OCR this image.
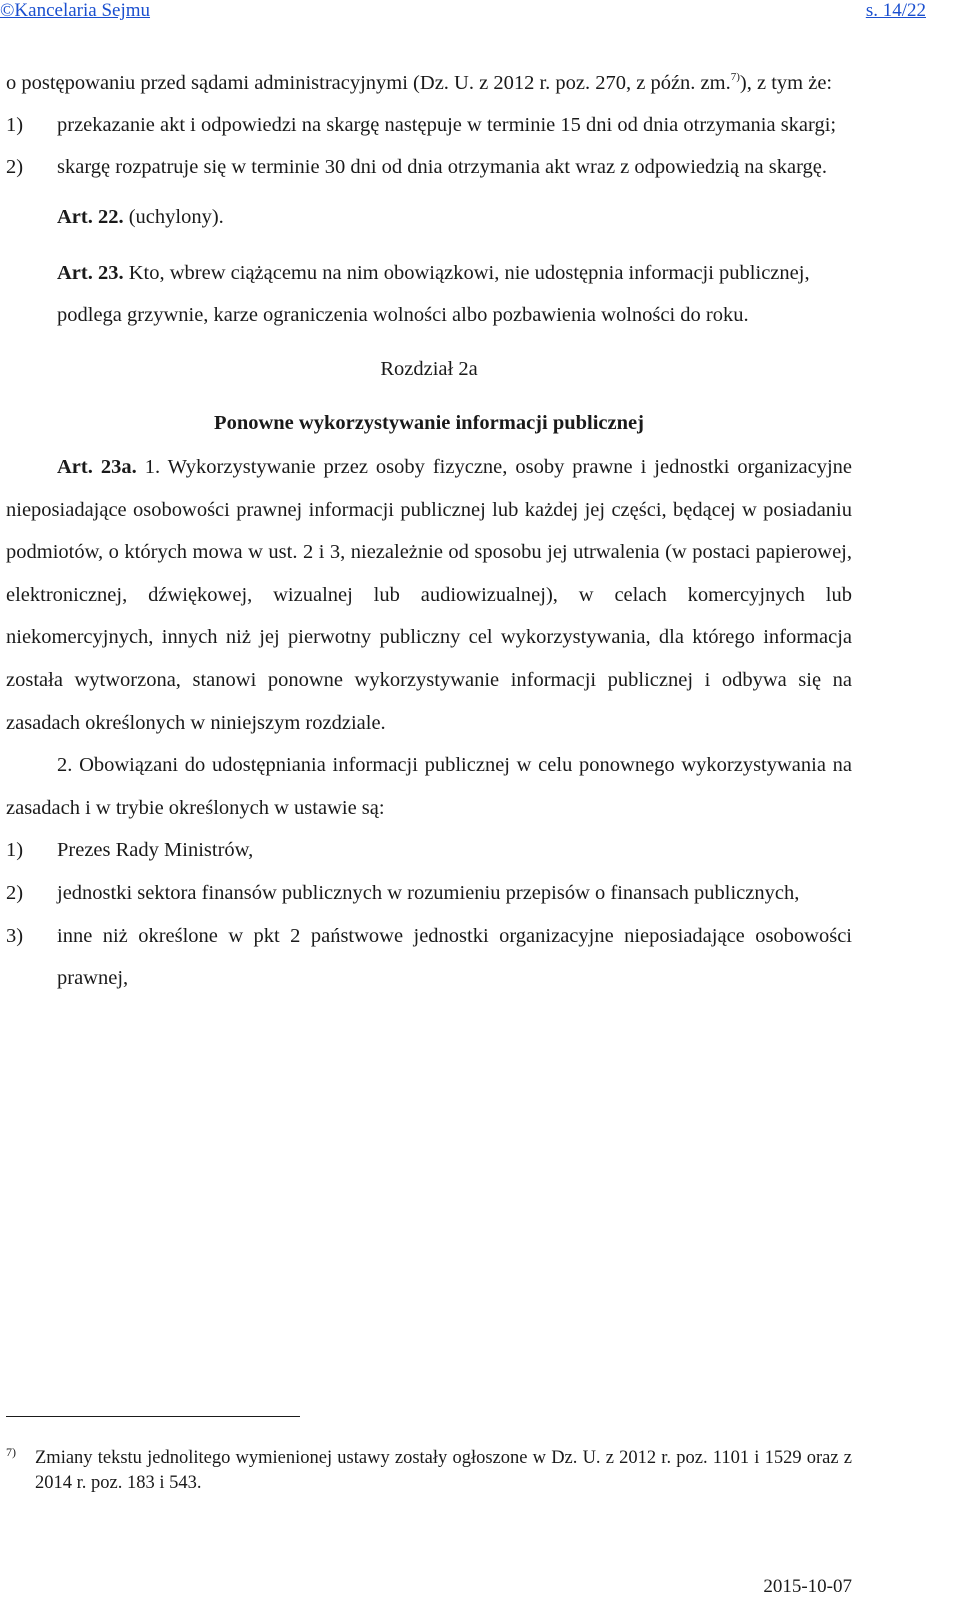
©Kancelaria Sejmu	s. 14/22

o postępowaniu przed sądami administracyjnymi (Dz. U. z 2012 r. poz. 270, z późn. zm.$^{7)}$), z tym że:

1) przekazanie akt i odpowiedzi na skargę następuje w terminie 15 dni od dnia otrzymania skargi;
2) skargę rozpatruje się w terminie 30 dni od dnia otrzymania akt wraz z odpowiedzią na skargę.
Art. 22. (uchylony).

Art. 23. Kto, wbrew ciążącemu na nim obowiązkowi, nie udostępnia informacji publicznej,

podlega grzywnie, karze ograniczenia wolności albo pozbawienia wolności do roku.
Rozdział 2a
Ponowne wykorzystywanie informacji publicznej

Art. 23a. 1. Wykorzystywanie przez osoby fizyczne, osoby prawne i jednostki organizacyjne nieposiadające osobowości prawnej informacji publicznej lub każdej jej części, będącej w posiadaniu podmiotów, o których mowa w ust. 2 i 3, niezależnie od sposobu jej utrwalenia (w postaci papierowej, elektronicznej, dźwiękowej, wizualnej lub audiowizualnej), w celach komercyjnych lub niekomercyjnych, innych niż jej pierwotny publiczny cel wykorzystywania, dla którego informacja została wytworzona, stanowi ponowne wykorzystywanie informacji publicznej i odbywa się na zasadach określonych w niniejszym rozdziale.

2. Obowiązani do udostępniania informacji publicznej w celu ponownego wykorzystywania na zasadach i w trybie określonych w ustawie są:

1) Prezes Rady Ministrów,
2) jednostki sektora finansów publicznych w rozumieniu przepisów o finansach publicznych,
3) inne niż określone w pkt 2 państwowe jednostki organizacyjne nieposiadające osobowości prawnej,
7)	Zmiany tekstu jednolitego wymienionej ustawy zostały ogłoszone w Dz. U. z 2012 r. poz. 1101 i 1529 oraz z 2014 r. poz. 183 i 543.
2015-10-07
